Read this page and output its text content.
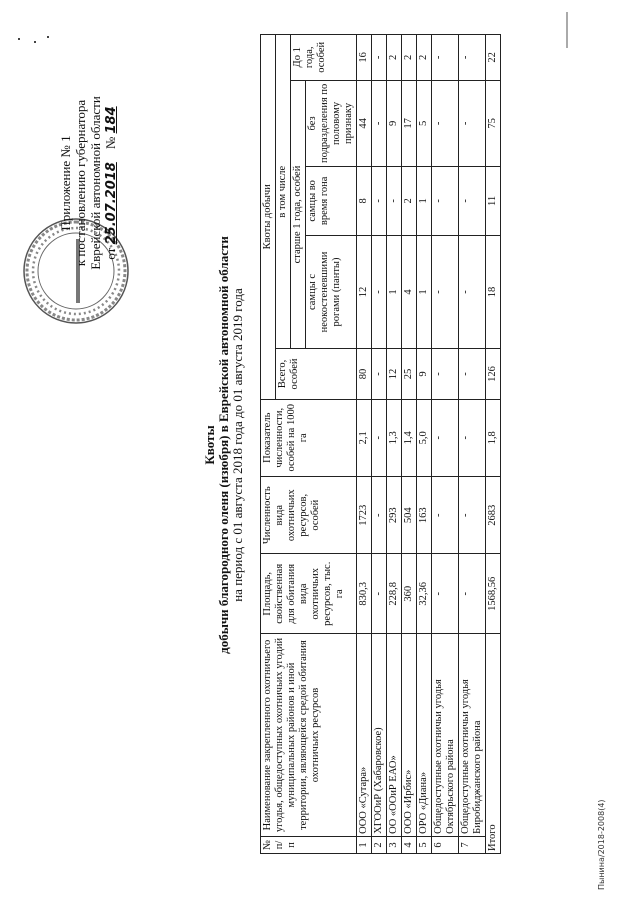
Приложение № 1 к постановлению губернатора Еврейской автономной области от 25.07.2018    № 184
Квоты добычи благородного оленя (изюбря) в Еврейской автономной области на период с 01 августа 2018 года до 01 августа 2019 года
№ п/п	Наименование закрепленного охотничьего угодья, общедоступных охотничьих угодий муниципальных районов и иной территории, являющейся средой обитания охотничьих ресурсов	Площадь, свойственная для обитания вида охотничьих ресурсов, тыс. га	Численность вида охотничьих ресурсов, особей	Показатель численности, особей на 1000 га	Квоты добычи				
					Всего, особей	в том числе			
						старше 1 года, особей			До 1 года, особей
						самцы с неокостеневшими рогами (панты)	самцы во время гона	без подразделения по половому признаку	
1	ООО «Сутара»	830,3	1723	2,1	80	12	8	44	16
2	ХГООиР (Хабаровское)	-	-	-	-	-	-	-	-
3	ОО «ООиР ЕАО»	228,8	293	1,3	12	1	-	9	2
4	ООО «Ирбис»	360	504	1,4	25	4	2	17	2
5	ОРО «Диана»	32,36	163	5,0	9	1	1	5	2
6	Общедоступные охотничьи угодья Октябрьского района	-	-	-	-	-	-	-	-
7	Общедоступные охотничьи угодья Биробиджанского района	-	-	-	-	-	-	-	-
Итого		1568,56	2683	1,8	126	18	11	75	22
Пынина/2018-2008(4)
